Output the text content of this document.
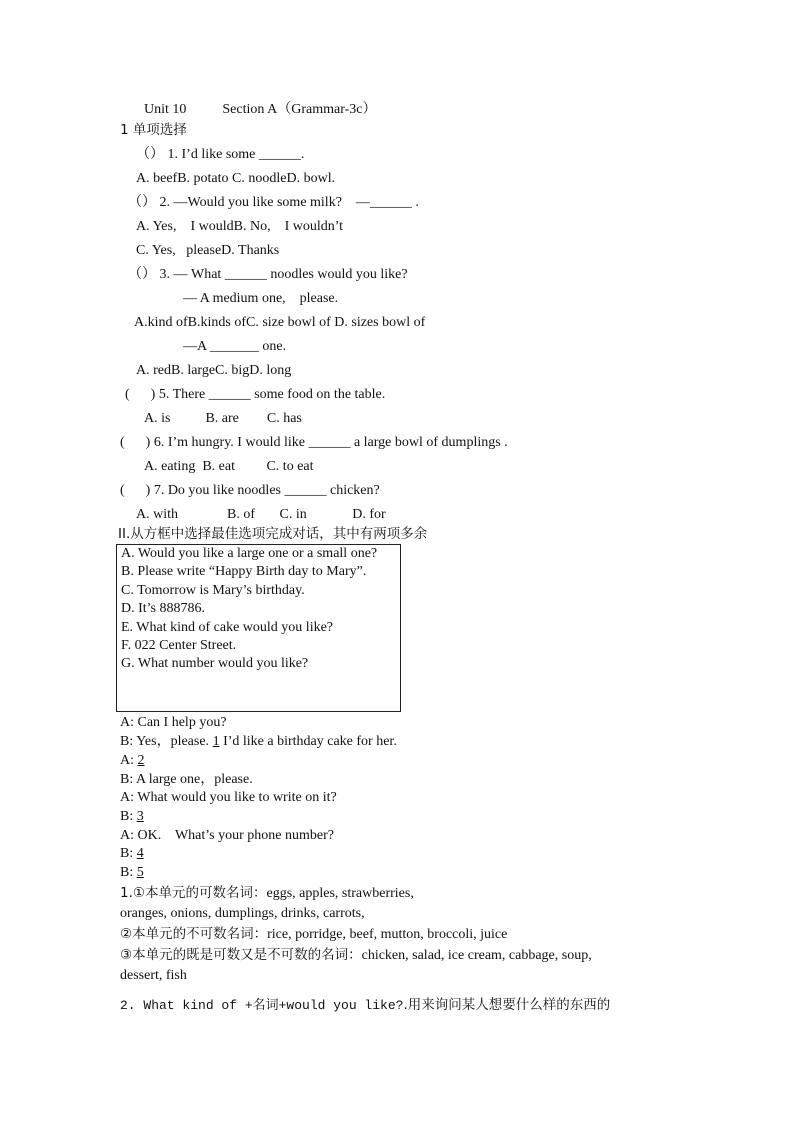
Unit 10	Section A（Grammar-3c）
1 单项选择
（） 1. I’d like some ______.
A. beefB. potato C. noodleD. bowl.
（） 2. —Would you like some milk?    —______ .
A. Yes,    I wouldB. No,    I wouldn’t
C. Yes,   pleaseD. Thanks
（） 3. — What ______ noodles would you like?
— A medium one,    please.
A.kind ofB.kinds ofC. size bowl of D. sizes bowl of
—A _______ one.
A. redB. largeC. bigD. long
(      ) 5. There ______ some food on the table.
A. is          B. are        C. has
(      ) 6. I’m hungry. I would like ______ a large bowl of dumplings .
A. eating  B. eat         C. to eat
(      ) 7. Do you like noodles ______ chicken?
A. with              B. of       C. in             D. for
II.从方框中选择最佳选项完成对话，其中有两项多余
A. Would you like a large one or a small one?
B. Please write “Happy Birth day to Mary”.
C. Tomorrow is Mary’s birthday.
D. It’s 888786.
E. What kind of cake would you like?
F. 022 Center Street.
G. What number would you like?
A: Can I help you?
B: Yes，please. 1 I’d like a birthday cake for her.
A: 2
B: A large one，please.
A: What would you like to write on it?
B: 3
A: OK.    What’s your phone number?
B: 4
B: 5
1.①本单元的可数名词：eggs, apples, strawberries,
oranges, onions, dumplings, drinks, carrots,
②本单元的不可数名词：rice, porridge, beef, mutton, broccoli, juice
③本单元的既是可数又是不可数的名词：chicken, salad, ice cream, cabbage, soup,
dessert, fish
2. What kind of +名词+would you like?.用来询问某人想要什么样的东西的
